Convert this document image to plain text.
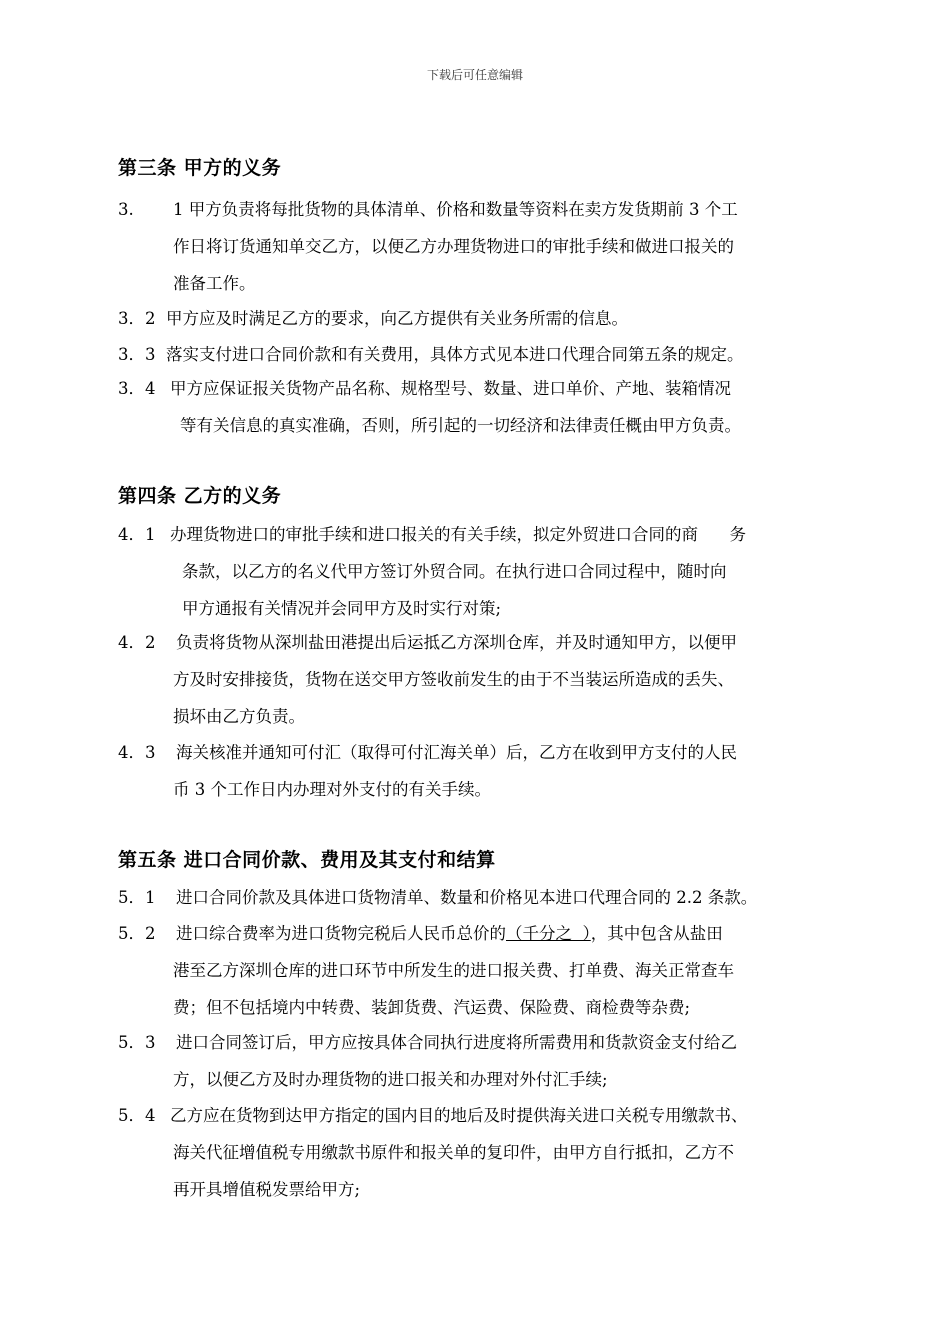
下载后可任意编辑
第三条 甲方的义务
3. 1 甲方负责将每批货物的具体清单、价格和数量等资料在卖方发货期前 3 个工
作日将订货通知单交乙方，以便乙方办理货物进口的审批手续和做进口报关的
准备工作。
3．2 甲方应及时满足乙方的要求，向乙方提供有关业务所需的信息。
3．3 落实支付进口合同价款和有关费用，具体方式见本进口代理合同第五条的规定。
3．4 甲方应保证报关货物产品名称、规格型号、数量、进口单价、产地、装箱情况
等有关信息的真实准确，否则，所引起的一切经济和法律责任概由甲方负责。
第四条 乙方的义务
4．1 办理货物进口的审批手续和进口报关的有关手续，拟定外贸进口合同的商      务
条款，以乙方的名义代甲方签订外贸合同。在执行进口合同过程中，随时向
甲方通报有关情况并会同甲方及时实行对策;
4．2 负责将货物从深圳盐田港提出后运抵乙方深圳仓库，并及时通知甲方，以便甲
方及时安排接货，货物在送交甲方签收前发生的由于不当装运所造成的丢失、
损坏由乙方负责。
4．3 海关核准并通知可付汇（取得可付汇海关单）后，乙方在收到甲方支付的人民
币 3 个工作日内办理对外支付的有关手续。
第五条 进口合同价款、费用及其支付和结算
5．1 进口合同价款及具体进口货物清单、数量和价格见本进口代理合同的 2.2 条款。
5．2 进口综合费率为进口货物完税后人民币总价的（千分之  ），其中包含从盐田
港至乙方深圳仓库的进口环节中所发生的进口报关费、打单费、海关正常查车
费；但不包括境内中转费、装卸货费、汽运费、保险费、商检费等杂费;
5．3 进口合同签订后，甲方应按具体合同执行进度将所需费用和货款资金支付给乙
方，以便乙方及时办理货物的进口报关和办理对外付汇手续;
5．4 乙方应在货物到达甲方指定的国内目的地后及时提供海关进口关税专用缴款书、
海关代征增值税专用缴款书原件和报关单的复印件，由甲方自行抵扣，乙方不
再开具增值税发票给甲方;
